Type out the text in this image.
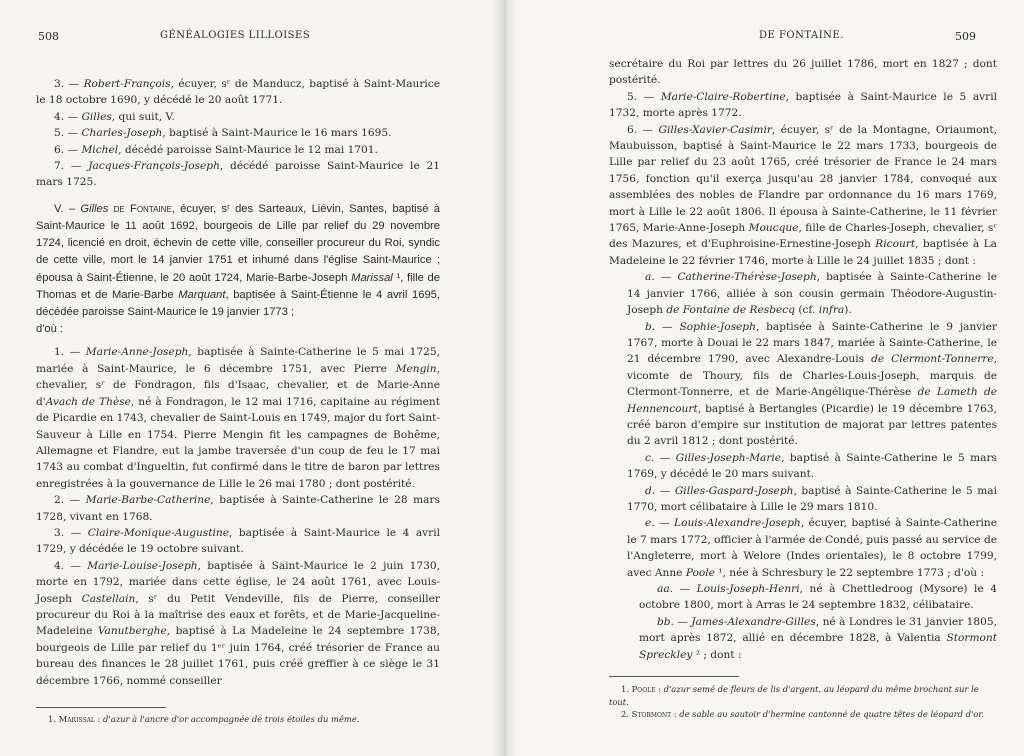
508	GÉNÉALOGIES LILLOISES

3. — Robert-François, écuyer, sʳ de Manducz, baptisé à Saint-Maurice le 18 octobre 1690, y décédé le 20 août 1771.

4. — Gilles, qui suit, V.

5. — Charles-Joseph, baptisé à Saint-Maurice le 16 mars 1695.

6. — Michel, décédé paroisse Saint-Maurice le 12 mai 1701.

7. — Jacques-François-Joseph, décédé paroisse Saint-Maurice le 21 mars 1725.

V. – Gilles de Fontaine, écuyer, sʳ des Sarteaux, Liévin, Santes, baptisé à Saint-Maurice le 11 août 1692, bourgeois de Lille par relief du 29 novembre 1724, licencié en droit, échevin de cette ville, conseiller procureur du Roi, syndic de cette ville, mort le 14 janvier 1751 et inhumé dans l'église Saint-Maurice ; épousa à Saint-Étienne, le 20 août 1724, Marie-Barbe-Joseph Marissal ¹, fille de Thomas et de Marie-Barbe Marquant, baptisée à Saint-Étienne le 4 avril 1695, décédée paroisse Saint-Maurice le 19 janvier 1773 ;
d'où :

1. — Marie-Anne-Joseph, baptisée à Sainte-Catherine le 5 mai 1725, mariée à Saint-Maurice, le 6 décembre 1751, avec Pierre Mengin, chevalier, sʳ de Fondragon, fils d'Isaac, chevalier, et de Marie-Anne d'Avach de Thèse, né à Fondragon, le 12 mai 1716, capitaine au régiment de Picardie en 1743, chevalier de Saint-Louis en 1749, major du fort Saint-Sauveur à Lille en 1754. Pierre Mengin fit les campagnes de Bohême, Allemagne et Flandre, eut la jambe traversée d'un coup de feu le 17 mai 1743 au combat d'Ingueltin, fut confirmé dans le titre de baron par lettres enregistrées à la gouvernance de Lille le 26 mai 1780 ; dont postérité.

2. — Marie-Barbe-Catherine, baptisée à Sainte-Catherine le 28 mars 1728, vivant en 1768.

3. — Claire-Monique-Augustine, baptisée à Saint-Maurice le 4 avril 1729, y décédée le 19 octobre suivant.

4. — Marie-Louise-Joseph, baptisée à Saint-Maurice le 2 juin 1730, morte en 1792, mariée dans cette église, le 24 août 1761, avec Louis-Joseph Castellain, sʳ du Petit Vendeville, fils de Pierre, conseiller procureur du Roi à la maîtrise des eaux et forêts, et de Marie-Jacqueline-Madeleine Vanutberghe, baptisé à La Madeleine le 24 septembre 1738, bourgeois de Lille par relief du 1ᵉʳ juin 1764, créé trésorier de France au bureau des finances le 28 juillet 1761, puis créé greffier à ce siège le 31 décembre 1766, nommé conseiller

1. Marissal : d'azur à l'ancre d'or accompagnée de trois étoiles du même.

DE FONTAINE.	509

secrétaire du Roi par lettres du 26 juillet 1786, mort en 1827 ; dont postérité.

5. — Marie-Claire-Robertine, baptisée à Saint-Maurice le 5 avril 1732, morte après 1772.

6. — Gilles-Xavier-Casimir, écuyer, sʳ de la Montagne, Oriaumont, Maubuisson, baptisé à Saint-Maurice le 22 mars 1733, bourgeois de Lille par relief du 23 août 1765, créé trésorier de France le 24 mars 1756, fonction qu'il exerça jusqu'au 28 janvier 1784, convoqué aux assemblées des nobles de Flandre par ordonnance du 16 mars 1769, mort à Lille le 22 août 1806. Il épousa à Sainte-Catherine, le 11 février 1765, Marie-Anne-Joseph Moucque, fille de Charles-Joseph, chevalier, sʳ des Mazures, et d'Euphroisine-Ernestine-Joseph Ricourt, baptisée à La Madeleine le 22 février 1746, morte à Lille le 24 juillet 1835 ; dont :

a. — Catherine-Thérèse-Joseph, baptisée à Sainte-Catherine le 14 janvier 1766, alliée à son cousin germain Théodore-Augustin-Joseph de Fontaine de Resbecq (cf. infra).

b. — Sophie-Joseph, baptisée à Sainte-Catherine le 9 janvier 1767, morte à Douai le 22 mars 1847, mariée à Sainte-Catherine, le 21 décembre 1790, avec Alexandre-Louis de Clermont-Tonnerre, vicomte de Thoury, fils de Charles-Louis-Joseph, marquis de Clermont-Tonnerre, et de Marie-Angélique-Thérèse de Lameth de Hennencourt, baptisé à Bertangles (Picardie) le 19 décembre 1763, créé baron d'empire sur institution de majorat par lettres patentes du 2 avril 1812 ; dont postérité.

c. — Gilles-Joseph-Marie, baptisé à Sainte-Catherine le 5 mars 1769, y décédé le 20 mars suivant.

d. — Gilles-Gaspard-Joseph, baptisé à Sainte-Catherine le 5 mai 1770, mort célibataire à Lille le 29 mars 1810.

e. — Louis-Alexandre-Joseph, écuyer, baptisé à Sainte-Catherine le 7 mars 1772, officier à l'armée de Condé, puis passé au service de l'Angleterre, mort à Welore (Indes orientales), le 8 octobre 1799, avec Anne Poole ¹, née à Schresbury le 22 septembre 1773 ; d'où :

aa. — Louis-Joseph-Henri, né à Chettledroog (Mysore) le 4 octobre 1800, mort à Arras le 24 septembre 1832, célibataire.

bb. — James-Alexandre-Gilles, né à Londres le 31 janvier 1805, mort après 1872, allié en décembre 1828, à Valentia Stormont Spreckley ² ; dont :

1. Poole : d'azur semé de fleurs de lis d'argent, au léopard du même brochant sur le tout.

2. Stormont : de sable au sautoir d'hermine cantonné de quatre têtes de léopard d'or.
